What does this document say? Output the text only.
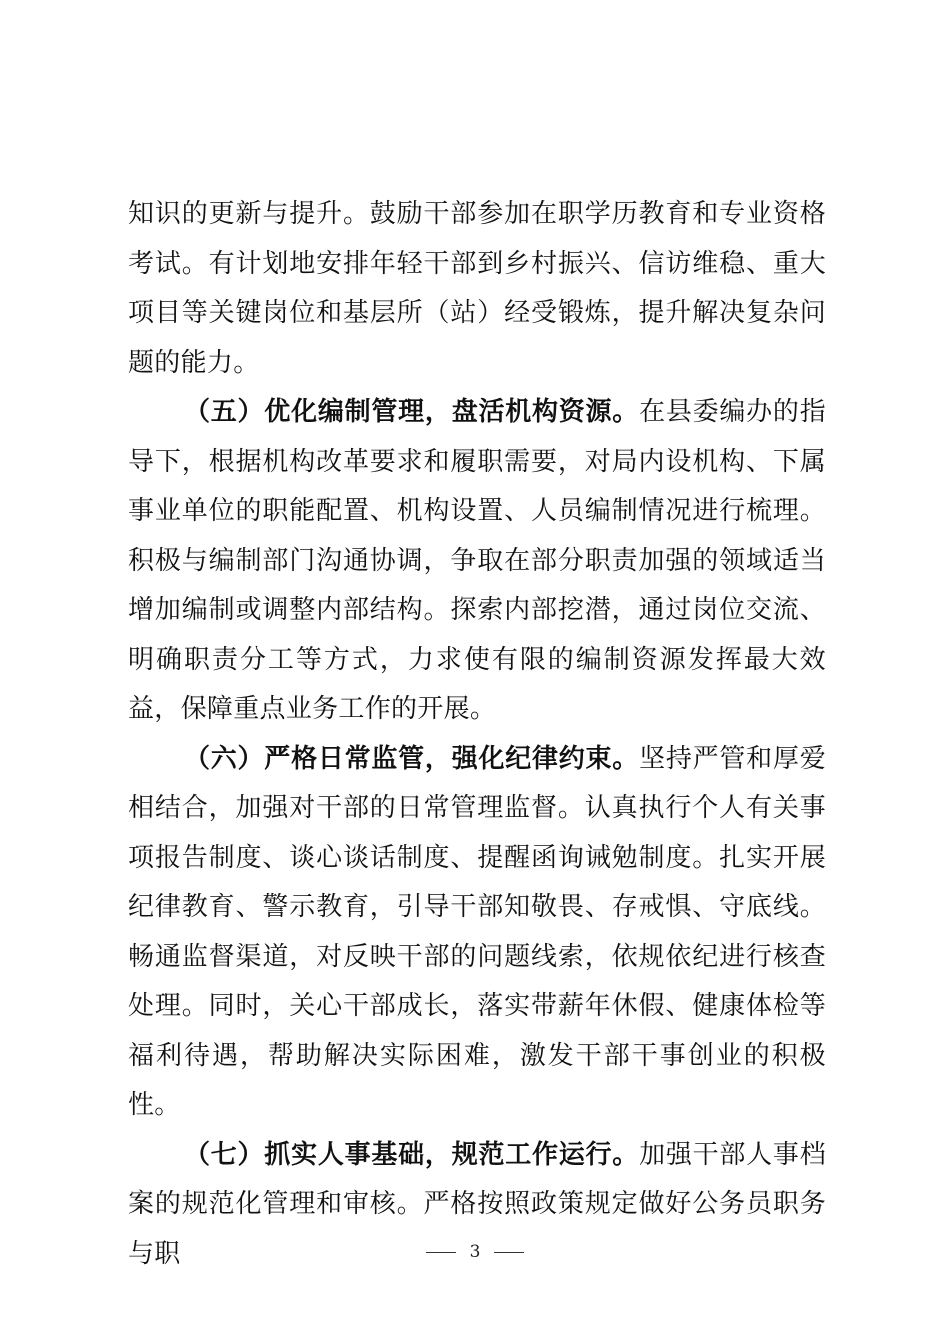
知识的更新与提升。鼓励干部参加在职学历教育和专业资格考试。有计划地安排年轻干部到乡村振兴、信访维稳、重大项目等关键岗位和基层所（站）经受锻炼，提升解决复杂问题的能力。

（五）优化编制管理，盘活机构资源。在县委编办的指导下，根据机构改革要求和履职需要，对局内设机构、下属事业单位的职能配置、机构设置、人员编制情况进行梳理。积极与编制部门沟通协调，争取在部分职责加强的领域适当增加编制或调整内部结构。探索内部挖潜，通过岗位交流、明确职责分工等方式，力求使有限的编制资源发挥最大效益，保障重点业务工作的开展。

（六）严格日常监管，强化纪律约束。坚持严管和厚爱相结合，加强对干部的日常管理监督。认真执行个人有关事项报告制度、谈心谈话制度、提醒函询诫勉制度。扎实开展纪律教育、警示教育，引导干部知敬畏、存戒惧、守底线。畅通监督渠道，对反映干部的问题线索，依规依纪进行核查处理。同时，关心干部成长，落实带薪年休假、健康体检等福利待遇，帮助解决实际困难，激发干部干事创业的积极性。

（七）抓实人事基础，规范工作运行。加强干部人事档案的规范化管理和审核。严格按照政策规定做好公务员职务与职	3
